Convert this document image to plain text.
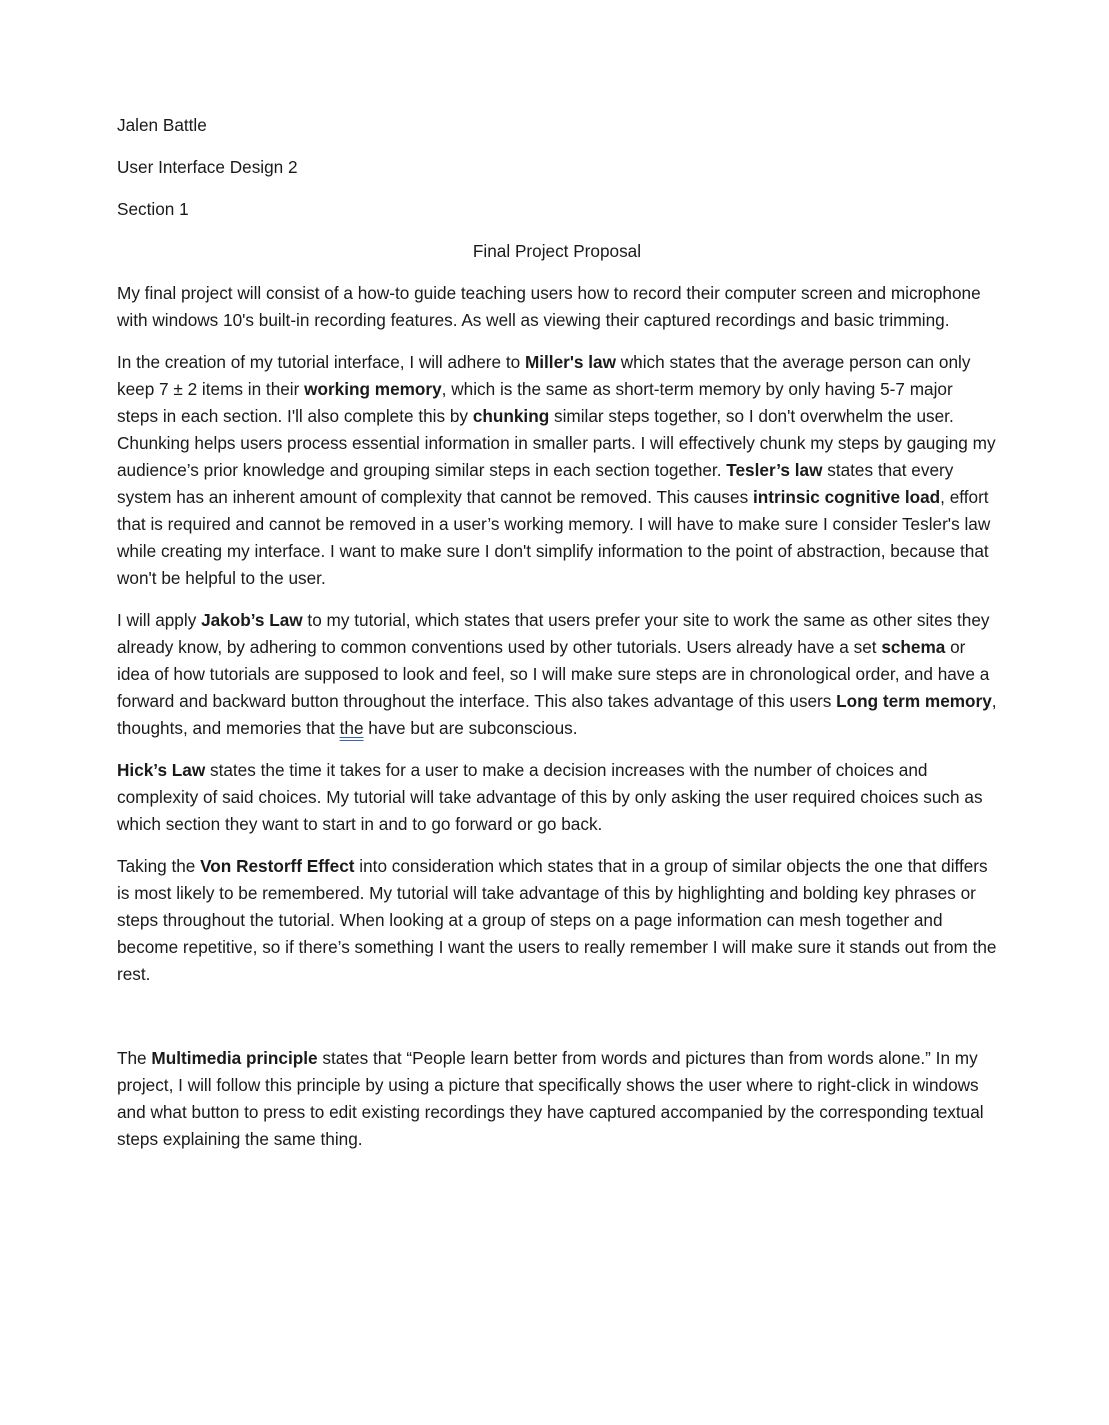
Jalen Battle
User Interface Design 2
Section 1
Final Project Proposal

My final project will consist of a how-to guide teaching users how to record their computer screen and microphone with windows 10's built-in recording features. As well as viewing their captured recordings and basic trimming.

In the creation of my tutorial interface, I will adhere to Miller's law which states that the average person can only keep 7 ± 2 items in their working memory, which is the same as short-term memory by only having 5-7 major steps in each section. I'll also complete this by chunking similar steps together, so I don't overwhelm the user. Chunking helps users process essential information in smaller parts. I will effectively chunk my steps by gauging my audience’s prior knowledge and grouping similar steps in each section together. Tesler’s law states that every system has an inherent amount of complexity that cannot be removed. This causes intrinsic cognitive load, effort that is required and cannot be removed in a user’s working memory. I will have to make sure I consider Tesler's law while creating my interface. I want to make sure I don't simplify information to the point of abstraction, because that won't be helpful to the user.

I will apply Jakob’s Law to my tutorial, which states that users prefer your site to work the same as other sites they already know, by adhering to common conventions used by other tutorials. Users already have a set schema or idea of how tutorials are supposed to look and feel, so I will make sure steps are in chronological order, and have a forward and backward button throughout the interface. This also takes advantage of this users Long term memory, thoughts, and memories that the have but are subconscious.

Hick’s Law states the time it takes for a user to make a decision increases with the number of choices and complexity of said choices. My tutorial will take advantage of this by only asking the user required choices such as which section they want to start in and to go forward or go back.

Taking the Von Restorff Effect into consideration which states that in a group of similar objects the one that differs is most likely to be remembered. My tutorial will take advantage of this by highlighting and bolding key phrases or steps throughout the tutorial. When looking at a group of steps on a page information can mesh together and become repetitive, so if there’s something I want the users to really remember I will make sure it stands out from the rest.

The Multimedia principle states that “People learn better from words and pictures than from words alone.” In my project, I will follow this principle by using a picture that specifically shows the user where to right-click in windows and what button to press to edit existing recordings they have captured accompanied by the corresponding textual steps explaining the same thing.
